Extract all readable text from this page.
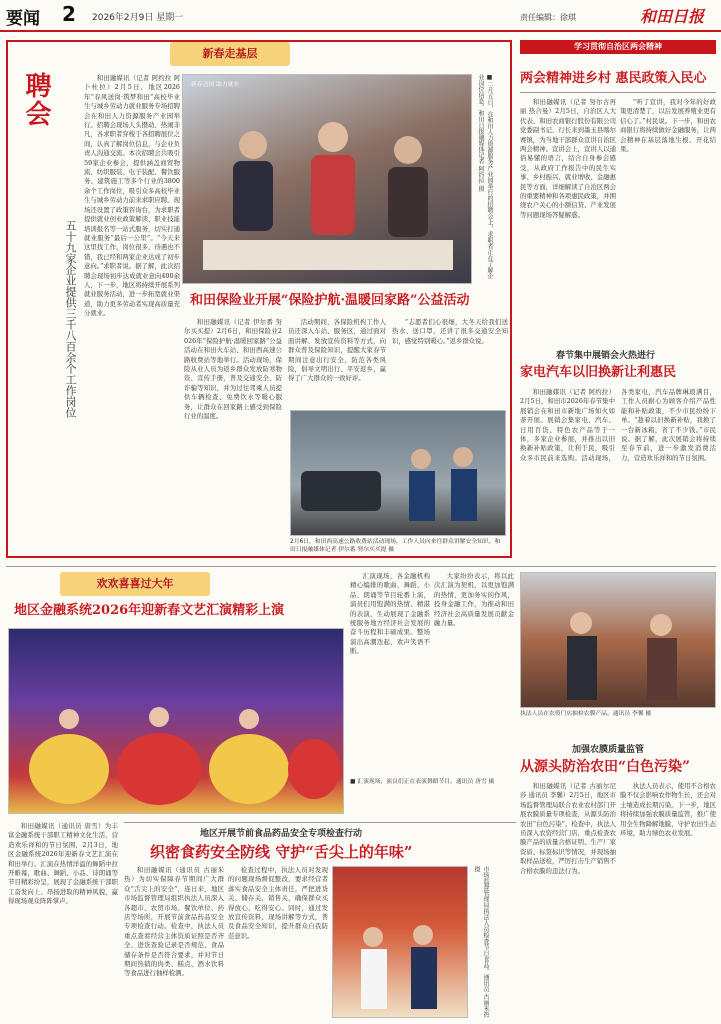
要闻 2 2026年2月9日 星期一	责任编辑：徐琪	和田日报
新春走基层
聘会
五十九家企业提供三千八百余个工作岗位
和田融媒讯（记者 阿约拉 阿卜杜拉）2月5日，地区2026年“春风送岗·筑梦和田”高校毕业生与城乡劳动力就业服务专场招聘会在和田人力资源服务产业园举行。招聘会现场人头攒动、热闹非凡，各求职者穿梭于各招聘展位之间，认真了解岗位信息，与企业负责人沟通交流。本次招聘会共吸引59家企业参会，提供涵盖商贸物流、纺织服装、电子装配、餐饮服务、建筑施工等多个行业的3800余个工作岗位，吸引众多高校毕业生与城乡劳动力前来求职应聘。现场还设置了政策咨询台，为求职者提供就业创业政策解读、职业技能培训报名等一站式服务，切实打通就业服务“最后一公里”。“今天来这里找工作，岗位很多，待遇也不错，我已经和两家企业达成了初步意向。”求职者说。据了解，此次招聘会现场初步达成就业意向400余人，下一步，地区将持续开展系列就业服务活动，进一步拓宽就业渠道，助力更多劳动者实现高质量充分就业。
新春送岗 助力就业	■二月五日，在和田人力资源服务产业园举行的招聘会上，求职者正在了解企业岗位信息。和田日报融媒体记者 阿约拉 摄
和田保险业开展“保险护航·温暖回家路”公益活动
和田融媒讯（记者 伊尔番 努尔买买提）2月6日，和田保险业2026年“保险护航·温暖回家路”公益活动在和田火车站、和田西高速公路收费站等地举行。活动现场，保险从业人员为返乡群众发放防寒物资、宣传手册，普及交通安全、防诈骗等知识，并为过往驾乘人员提供车辆检查、免费饮水等暖心服务，让群众在回家路上感受到保险行业的温度。
活动期间，各保险机构工作人员还深入车站、服务区，通过面对面讲解、发放宣传资料等方式，向群众普及保险知识，提醒大家春节期间注意出行安全、防范各类风险，倡导文明出行、平安返乡，赢得了广大群众的一致好评。
“志愿者们心很细，大冬天给我们送热水、送口罩，还讲了很多交通安全知识，感觉特别暖心。”返乡群众说。
2月6日，和田西高速公路收费站活动现场，工作人员向来往群众讲解安全知识。和田日报融媒体记者 伊尔番 努尔买买提 摄
学习贯彻自治区两会精神
两会精神进乡村 惠民政策入民心
和田融媒讯（记者 努尔古再丽 热合曼）2月5日，自治区人大代表、和田农商银行股份有限公司党委副书记、行长来到墨玉县喀尔赛镇，为当地干部群众宣讲自治区两会精神。宣讲会上，宣讲人以通俗易懂的语言，结合自身参会感受，从政府工作报告中的民生实事、乡村振兴、就业增收、金融惠民等方面，详细解读了自治区两会的重要精神和各项惠民政策，并围绕农户关心的小额信贷、产业发展等问题现场答疑解惑。
“听了宣讲，我对今年的好政策更清楚了，以后发展养殖业更有信心了。”村民说。下一步，和田农商银行将持续做好金融服务，让两会精神在基层落地生根、开花结果。
春节集中展销会火热进行
家电汽车以旧换新让利惠民
和田融媒讯（记者 阿约拉）2月5日，和田市2026年春节集中展销会在和田市新地广场如火如荼开展。展销会集家电、汽车、日用百货、特色农产品等于一体，多家企业参展，并推出以旧换新补贴政策，让利于民，吸引众多市民前来选购。活动现场，各类家电、汽车品牌琳琅满目，工作人员耐心为顾客介绍产品性能和补贴政策，不少市民纷纷下单。“趁着以旧换新补贴，我换了一台新冰箱，省了不少钱。”市民说。据了解，此次展销会将持续至春节前，进一步激发消费活力，营造欢乐祥和的节日氛围。
欢欢喜喜过大年
地区金融系统2026年迎新春文艺汇演精彩上演
和田融媒讯（通讯员 唐雪）为丰富金融系统干部职工精神文化生活，营造欢乐祥和的节日氛围，2月3日，地区金融系统2026年迎新春文艺汇演在和田举行。汇演在热情洋溢的舞蹈中拉开帷幕，歌曲、舞蹈、小品、诗朗诵等节目精彩纷呈，展现了金融系统干部职工奋发向上、昂扬进取的精神风貌，赢得现场观众阵阵掌声。
汇演现场，各金融机构精心编排的歌曲、舞蹈、小品、朗诵等节目轮番上演，演员们用饱满的热情、精湛的表演，生动展现了金融系统服务地方经济社会发展的奋斗历程和丰硕成果。整场演出高潮迭起，欢声笑语不断。
大家纷纷表示，将以此次汇演为契机，以更加饱满的热情、更加务实的作风，投身金融工作，为推动和田经济社会高质量发展贡献金融力量。
■ 汇演现场，演员们正在表演舞蹈节目。通讯员 唐雪 摄
地区开展节前食品药品安全专项检查行动
织密食药安全防线 守护“舌尖上的年味”
和田融媒讯（通讯员 古丽米热）为切实保障春节期间广大群众“舌尖上的安全”，连日来，地区市场监督管理局组织执法人员深入各超市、农贸市场、餐饮单位、药店等场所，开展节前食品药品安全专项检查行动。检查中，执法人员重点查看经营主体资质证照是否齐全、进货查验记录是否规范、食品储存条件是否符合要求，并对节日期间热销的肉类、糕点、酒水饮料等食品进行抽样检测。
检查过程中，执法人员对发现的问题现场督促整改，要求经营者落实食品安全主体责任，严把进货关、储存关、销售关，确保群众买得放心、吃得安心。同时，通过发放宣传资料、现场讲解等方式，普及食品安全知识，提升群众自我防范意识。	市场监督管理局执法人员检查节日食品。通讯员 古丽米热 摄
执法人员在农资门店抽检农膜产品。通讯员 李馨 摄
加强农膜质量监管
从源头防治农田“白色污染”
和田融媒讯（记者 古丽尔尼莎 通讯员 李馨）2月5日，地区市场监督管理局联合农业农村部门开展农膜质量专项检查，从源头防治农田“白色污染”。检查中，执法人员深入农资经营门店，重点检查农膜产品的质量合格证明、生产厂家资质、标签标识等情况，并现场抽取样品送检，严厉打击生产销售不合格农膜的违法行为。
执法人员表示，使用不合格农膜不仅会影响农作物生长，还会对土壤造成长期污染。下一步，地区将持续加强农膜质量监管，推广使用全生物降解地膜，守护农田生态环境，助力绿色农业发展。
